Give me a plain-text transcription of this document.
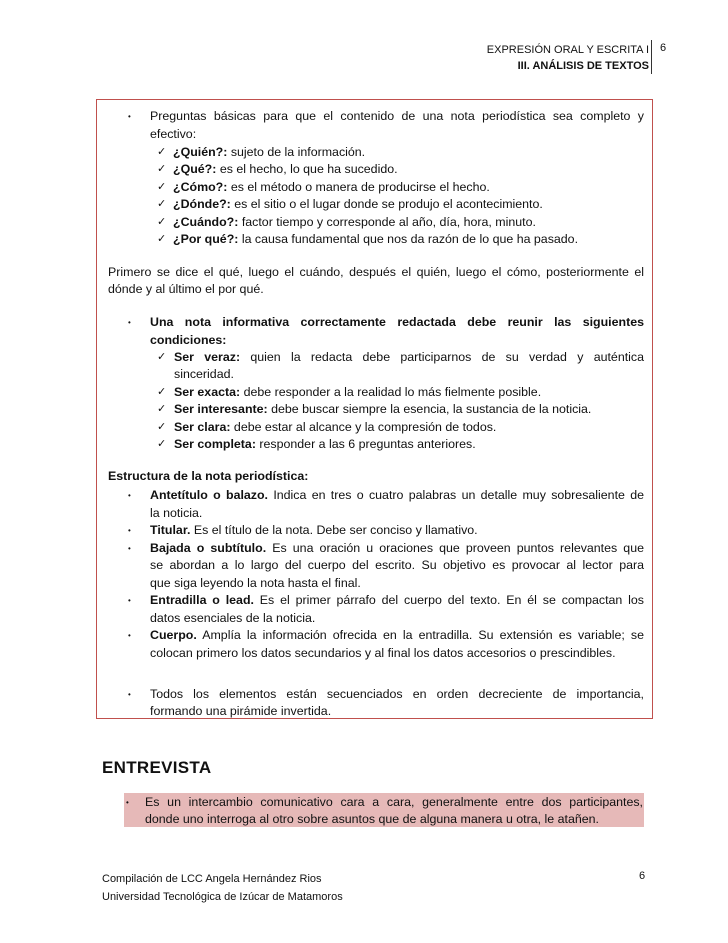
EXPRESIÓN ORAL Y ESCRITA I
III. ANÁLISIS DE TEXTOS
6
• Preguntas básicas para que el contenido de una nota periodística sea completo y
efectivo:
✓ ¿Quién?: sujeto de la información.
✓ ¿Qué?: es el hecho, lo que ha sucedido.
✓ ¿Cómo?: es el método o manera de producirse el hecho.
✓ ¿Dónde?: es el sitio o el lugar donde se produjo el acontecimiento.
✓ ¿Cuándo?: factor tiempo y corresponde al año, día, hora, minuto.
✓ ¿Por qué?: la causa fundamental que nos da razón de lo que ha pasado.
Primero se dice el qué, luego el cuándo, después el quién, luego el cómo, posteriormente el
dónde y al último el por qué.
• Una nota informativa correctamente redactada debe reunir las siguientes
condiciones:
✓ Ser veraz: quien la redacta debe participarnos de su verdad y auténtica
sinceridad.
✓ Ser exacta: debe responder a la realidad lo más fielmente posible.
✓ Ser interesante: debe buscar siempre la esencia, la sustancia de la noticia.
✓ Ser clara: debe estar al alcance y la compresión de todos.
✓ Ser completa: responder a las 6 preguntas anteriores.
Estructura de la nota periodística:
• Antetítulo o balazo. Indica en tres o cuatro palabras un detalle muy sobresaliente de
la noticia.
• Titular. Es el título de la nota. Debe ser conciso y llamativo.
• Bajada o subtítulo. Es una oración u oraciones que proveen puntos relevantes que
se abordan a lo largo del cuerpo del escrito. Su objetivo es provocar al lector para
que siga leyendo la nota hasta el final.
• Entradilla o lead. Es el primer párrafo del cuerpo del texto. En él se compactan los
datos esenciales de la noticia.
• Cuerpo. Amplía la información ofrecida en la entradilla. Su extensión es variable; se
colocan primero los datos secundarios y al final los datos accesorios o prescindibles.
• Todos los elementos están secuenciados en orden decreciente de importancia,
formando una pirámide invertida.
ENTREVISTA
• Es un intercambio comunicativo cara a cara, generalmente entre dos participantes,
donde uno interroga al otro sobre asuntos que de alguna manera u otra, le atañen.
Compilación de LCC Angela Hernández Rios
Universidad Tecnológica de Izúcar de Matamoros
6
